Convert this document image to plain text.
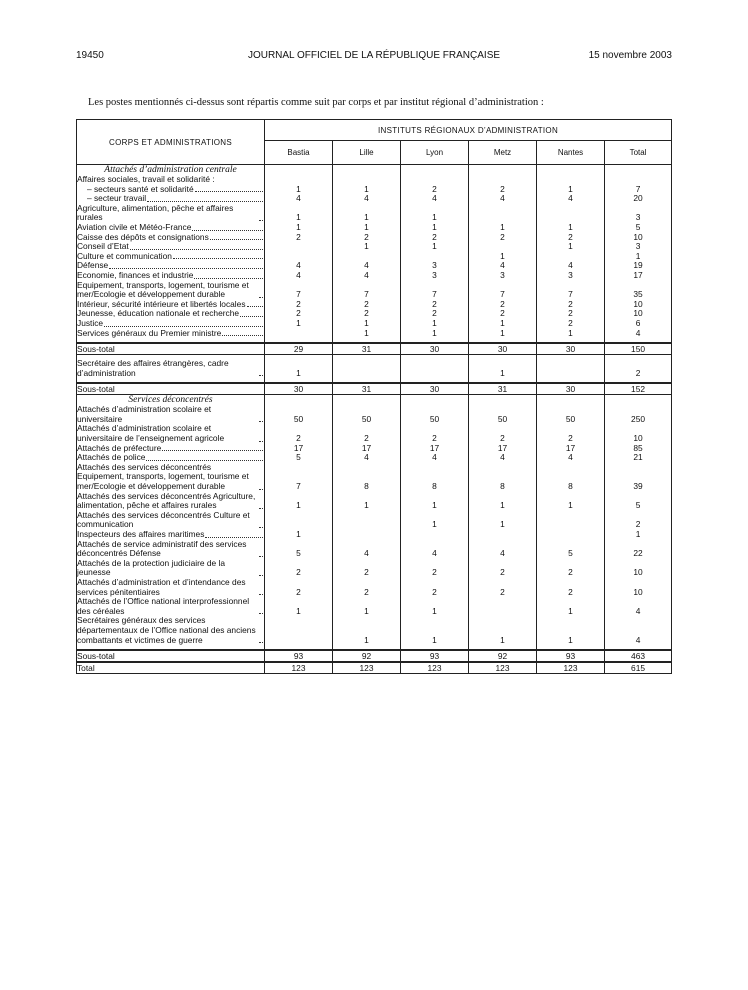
19450	JOURNAL OFFICIEL DE LA RÉPUBLIQUE FRANÇAISE	15 novembre 2003
Les postes mentionnés ci-dessus sont répartis comme suit par corps et par institut régional d’administration :
CORPS ET ADMINISTRATIONS	INSTITUTS RÉGIONAUX D’ADMINISTRATION					
	Bastia	Lille	Lyon	Metz	Nantes	Total
Attachés d’administration centrale						

Affaires sociales, travail et solidarité :						

– secteurs santé et solidarité	1	1	2	2	1	7

– secteur travail	4	4	4	4	4	20

Agriculture, alimentation, pêche et affaires rurales	1	1	1			3

Aviation civile et Météo-France	1	1	1	1	1	5

Caisse des dépôts et consignations	2	2	2	2	2	10

Conseil d’Etat		1	1		1	3

Culture et communication				1		1

Défense	4	4	3	4	4	19

Economie, finances et industrie	4	4	3	3	3	17

Equipement, transports, logement, tourisme et mer/Ecologie et développement durable	7	7	7	7	7	35

Intérieur, sécurité intérieure et libertés locales	2	2	2	2	2	10

Jeunesse, éducation nationale et recherche	2	2	2	2	2	10

Justice	1	1	1	1	2	6

Services généraux du Premier ministre		1	1	1	1	4

Sous-total	29	31	30	30	30	150

Secrétaire des affaires étrangères, cadre d’administration	1			1		2

Sous-total	30	31	30	31	30	152
Services déconcentrés						

Attachés d’administration scolaire et universitaire	50	50	50	50	50	250

Attachés d’administration scolaire et universitaire de l’enseignement agricole	2	2	2	2	2	10

Attachés de préfecture	17	17	17	17	17	85

Attachés de police	5	4	4	4	4	21

Attachés des services déconcentrés Equipement, transports, logement, tourisme et mer/Ecologie et développement durable	7	8	8	8	8	39

Attachés des services déconcentrés Agriculture, alimentation, pêche et affaires rurales	1	1	1	1	1	5

Attachés des services déconcentrés Culture et communication			1	1		2

Inspecteurs des affaires maritimes	1					1

Attachés de service administratif des services déconcentrés Défense	5	4	4	4	5	22

Attachés de la protection judiciaire de la jeunesse	2	2	2	2	2	10

Attachés d’administration et d’intendance des services pénitentiaires	2	2	2	2	2	10

Attachés de l’Office national interprofessionnel des céréales	1	1	1		1	4

Secrétaires généraux des services départementaux de l’Office national des anciens combattants et victimes de guerre		1	1	1	1	4

Sous-total	93	92	93	92	93	463

Total	123	123	123	123	123	615
